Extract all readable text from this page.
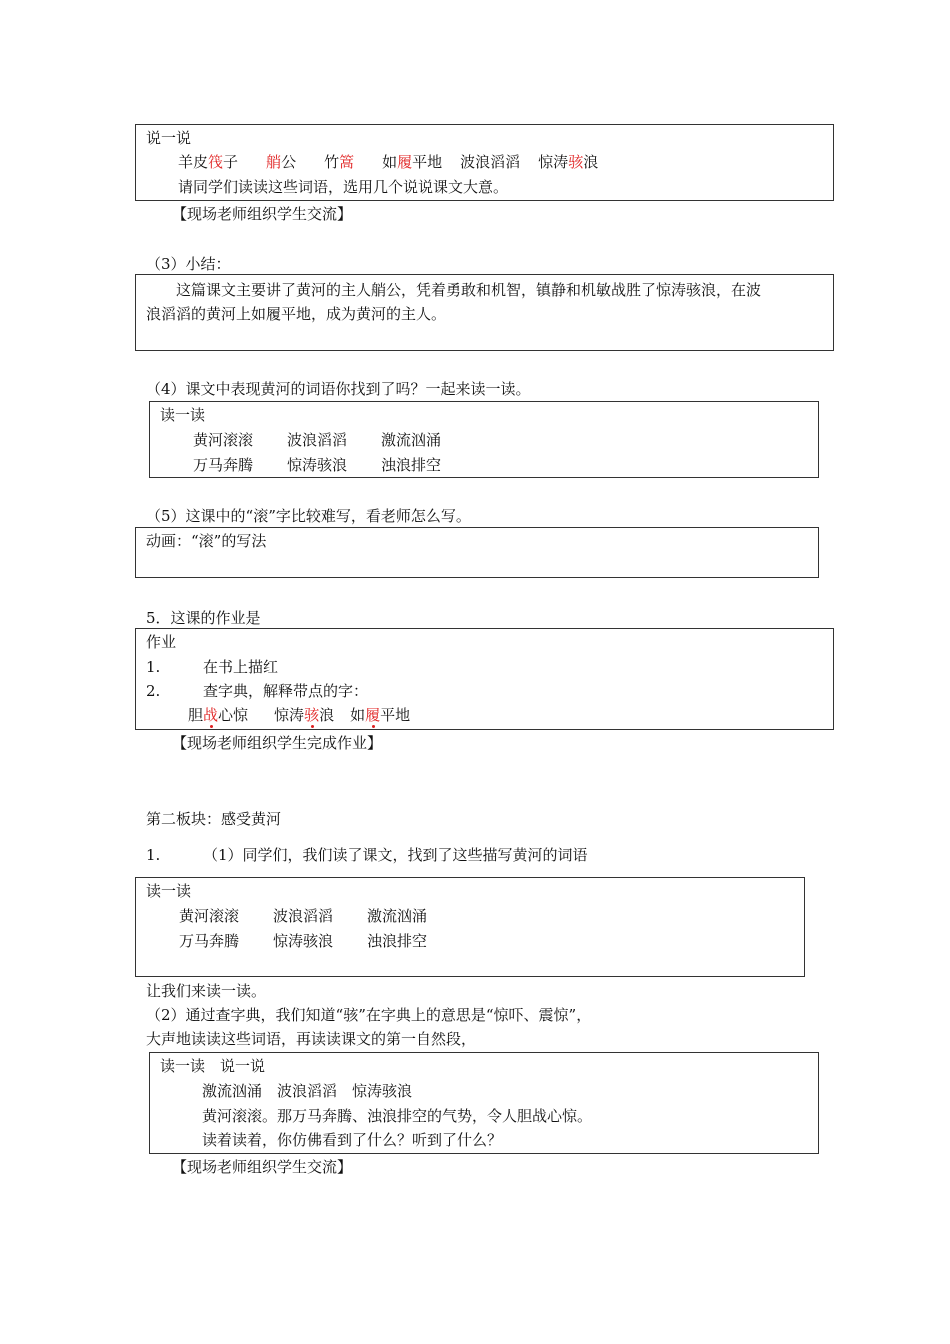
说一说
羊皮筏子 艄公 竹篙 如履平地 波浪滔滔 惊涛骇浪
请同学们读读这些词语，选用几个说说课文大意。
【现场老师组织学生交流】
（3）小结：
这篇课文主要讲了黄河的主人艄公，凭着勇敢和机智，镇静和机敏战胜了惊涛骇浪，在波
浪滔滔的黄河上如履平地，成为黄河的主人。
（4）课文中表现黄河的词语你找到了吗？一起来读一读。
读一读
黄河滚滚 波浪滔滔 激流汹涌
万马奔腾 惊涛骇浪 浊浪排空
（5）这课中的“滚”字比较难写，看老师怎么写。
动画：“滚”的写法
5．这课的作业是
作业
1.	在书上描红
2.	查字典，解释带点的字：
胆战心惊 惊涛骇浪 如履平地
【现场老师组织学生完成作业】
第二板块：感受黄河
1.	（1）同学们，我们读了课文，找到了这些描写黄河的词语
读一读
黄河滚滚 波浪滔滔 激流汹涌
万马奔腾 惊涛骇浪 浊浪排空
让我们来读一读。
（2）通过查字典，我们知道“骇”在字典上的意思是“惊吓、震惊”，
大声地读读这些词语，再读读课文的第一自然段，
读一读　说一说
激流汹涌　波浪滔滔　惊涛骇浪
黄河滚滚。那万马奔腾、浊浪排空的气势，令人胆战心惊。
读着读着，你仿佛看到了什么？听到了什么？
【现场老师组织学生交流】
